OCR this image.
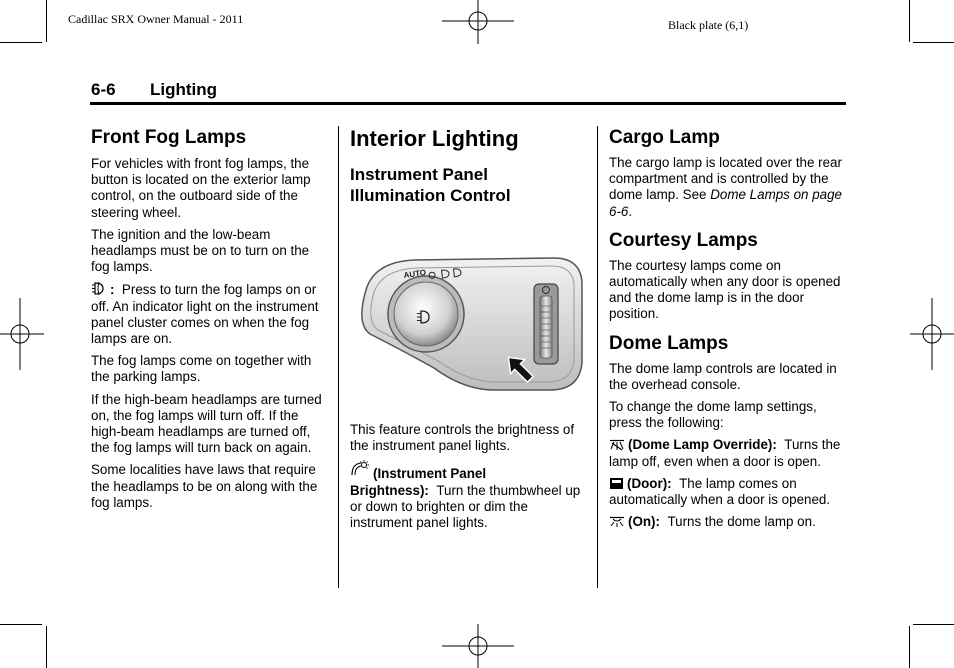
Cadillac SRX Owner Manual - 2011	Black plate (6,1)
6-6 Lighting
Front Fog Lamps

For vehicles with front fog lamps, the button is located on the exterior lamp control, on the outboard side of the steering wheel.

The ignition and the low-beam headlamps must be on to turn on the fog lamps.

: Press to turn the fog lamps on or off. An indicator light on the instrument panel cluster comes on when the fog lamps are on.

The fog lamps come on together with the parking lamps.

If the high-beam headlamps are turned on, the fog lamps will turn off. If the high-beam headlamps are turned off, the fog lamps will turn back on again.

Some localities have laws that require the headlamps to be on along with the fog lamps.

Interior Lighting
Instrument Panel Illumination Control
AUTO

This feature controls the brightness of the instrument panel lights.

(Instrument Panel Brightness): Turn the thumbwheel up or down to brighten or dim the instrument panel lights.

Cargo Lamp

The cargo lamp is located over the rear compartment and is controlled by the dome lamp. See Dome Lamps on page 6-6.

Courtesy Lamps

The courtesy lamps come on automatically when any door is opened and the dome lamp is in the door position.

Dome Lamps

The dome lamp controls are located in the overhead console.

To change the dome lamp settings, press the following:

(Dome Lamp Override): Turns the lamp off, even when a door is open.

(Door): The lamp comes on automatically when a door is opened.

(On): Turns the dome lamp on.
